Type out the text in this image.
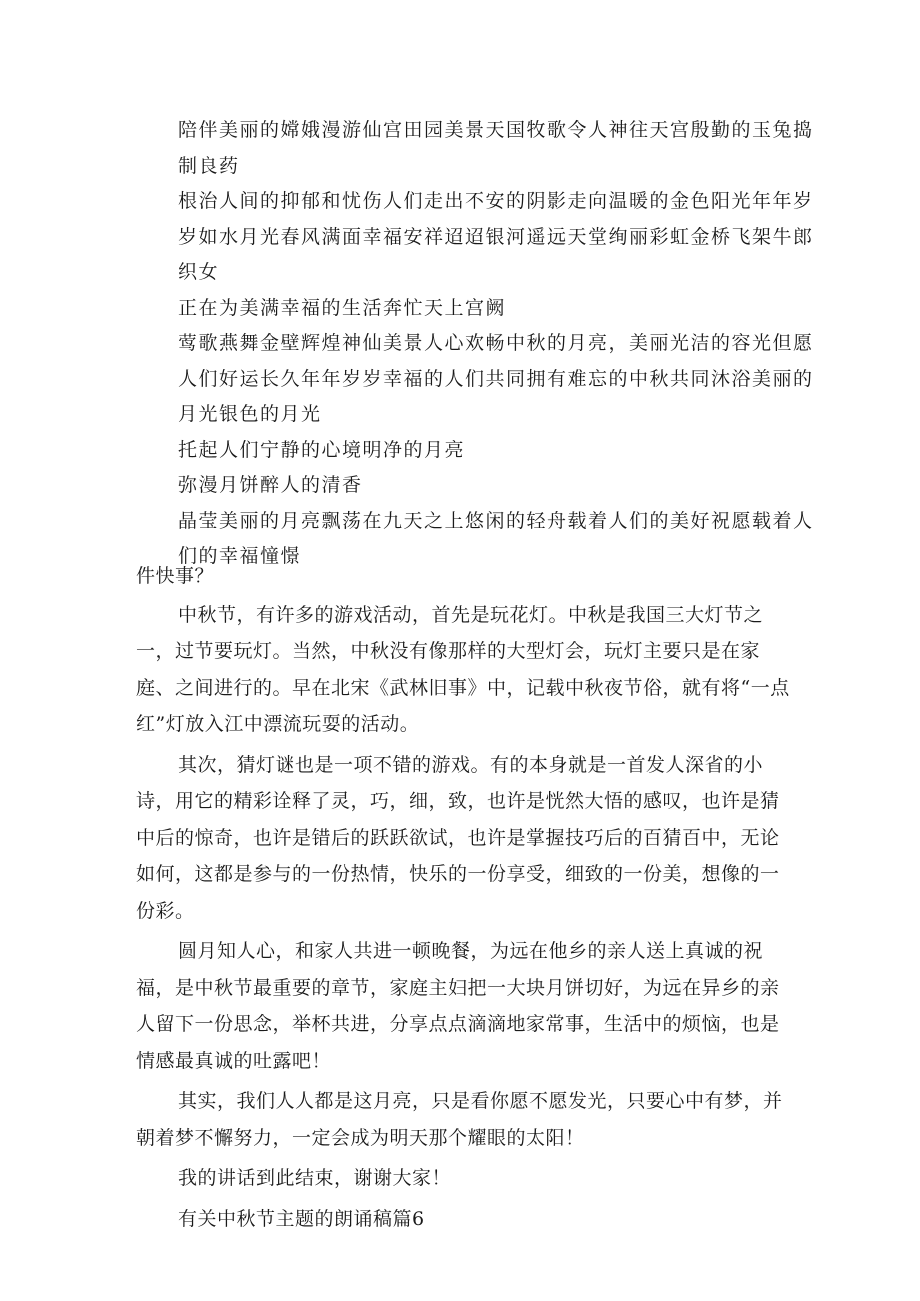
陪伴美丽的嫦娥漫游仙宫田园美景天国牧歌令人神往天宫殷勤的玉兔捣制良药

根治人间的抑郁和忧伤人们走出不安的阴影走向温暖的金色阳光年年岁岁如水月光春风满面幸福安祥迢迢银河遥远天堂绚丽彩虹金桥飞架牛郎织女

正在为美满幸福的生活奔忙天上宫阙

莺歌燕舞金壁辉煌神仙美景人心欢畅中秋的月亮，美丽光洁的容光但愿人们好运长久年年岁岁幸福的人们共同拥有难忘的中秋共同沐浴美丽的月光银色的月光

托起人们宁静的心境明净的月亮

弥漫月饼醉人的清香

晶莹美丽的月亮飘荡在九天之上悠闲的轻舟载着人们的美好祝愿载着人们的幸福憧憬

件快事？

中秋节，有许多的游戏活动，首先是玩花灯。中秋是我国三大灯节之一，过节要玩灯。当然，中秋没有像那样的大型灯会，玩灯主要只是在家庭、之间进行的。早在北宋《武林旧事》中，记载中秋夜节俗，就有将“一点红”灯放入江中漂流玩耍的活动。

其次，猜灯谜也是一项不错的游戏。有的本身就是一首发人深省的小诗，用它的精彩诠释了灵，巧，细，致，也许是恍然大悟的感叹，也许是猜中后的惊奇，也许是错后的跃跃欲试，也许是掌握技巧后的百猜百中，无论如何，这都是参与的一份热情，快乐的一份享受，细致的一份美，想像的一份彩。

圆月知人心，和家人共进一顿晚餐，为远在他乡的亲人送上真诚的祝福，是中秋节最重要的章节，家庭主妇把一大块月饼切好，为远在异乡的亲人留下一份思念，举杯共进，分享点点滴滴地家常事，生活中的烦恼，也是情感最真诚的吐露吧！

其实，我们人人都是这月亮，只是看你愿不愿发光，只要心中有梦，并朝着梦不懈努力，一定会成为明天那个耀眼的太阳！

我的讲话到此结束，谢谢大家！

有关中秋节主题的朗诵稿篇6
